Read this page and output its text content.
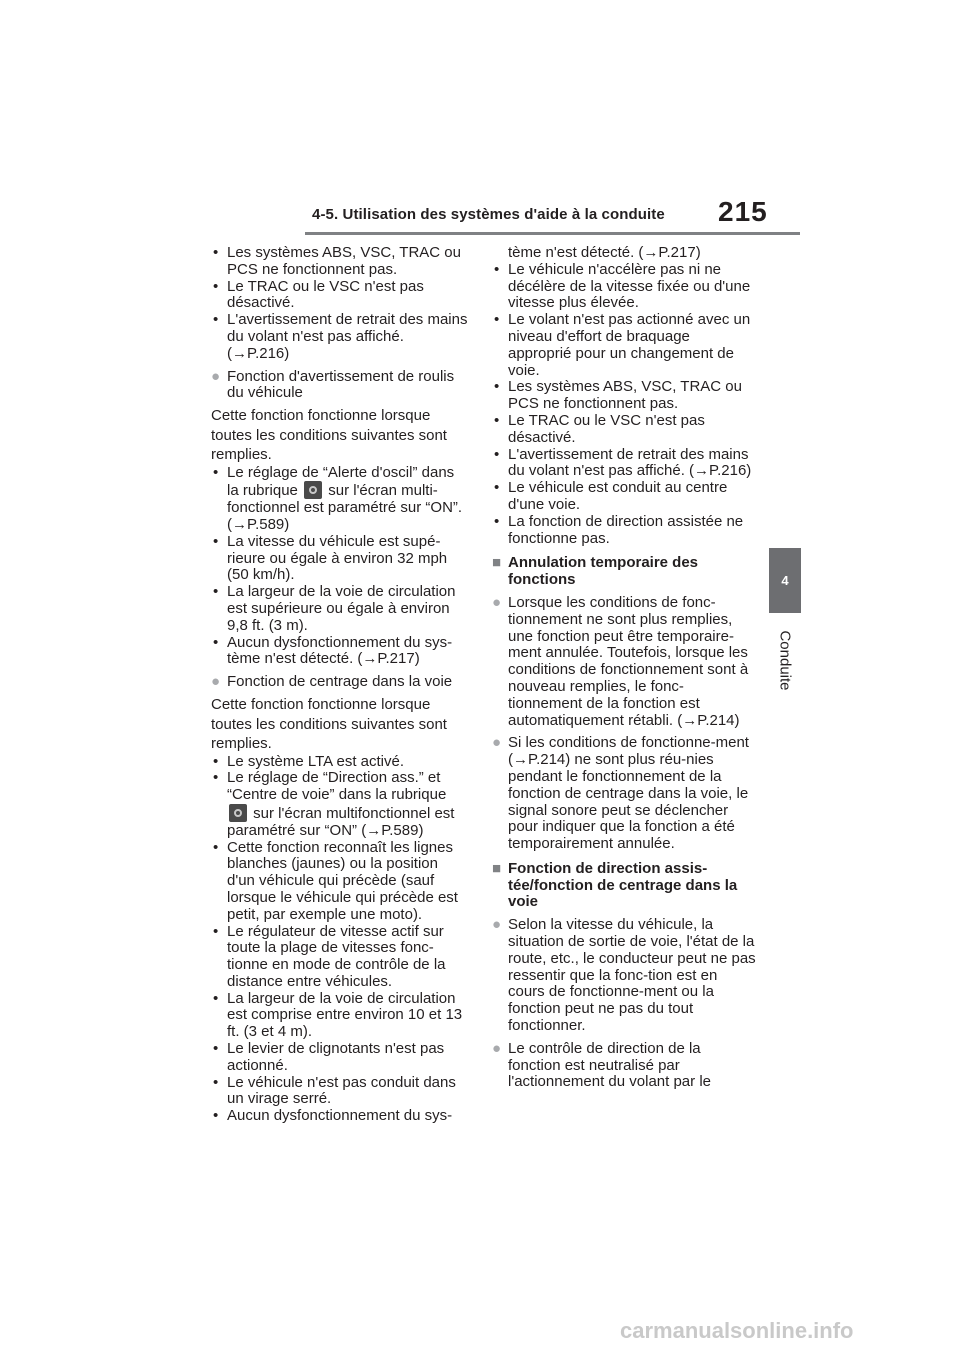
4-5. Utilisation des systèmes d'aide à la conduite 215
4
Conduite
• Les systèmes ABS, VSC, TRAC ou PCS ne fonctionnent pas.
• Le TRAC ou le VSC n'est pas désactivé.
• L'avertissement de retrait des mains du volant n'est pas affiché. (→P.216)
● Fonction d'avertissement de roulis du véhicule
Cette fonction fonctionne lorsque toutes les conditions suivantes sont remplies.
• Le réglage de “Alerte d'oscil” dans la rubrique sur l'écran multi-fonctionnel est paramétré sur “ON”. (→P.589)
• La vitesse du véhicule est supé-rieure ou égale à environ 32 mph (50 km/h).
• La largeur de la voie de circulation est supérieure ou égale à environ 9,8 ft. (3 m).
• Aucun dysfonctionnement du sys-tème n'est détecté. (→P.217)
● Fonction de centrage dans la voie
Cette fonction fonctionne lorsque toutes les conditions suivantes sont remplies.
• Le système LTA est activé.
• Le réglage de “Direction ass.” et “Centre de voie” dans la rubrique  sur l'écran multifonctionnel est paramétré sur “ON” (→P.589)
• Cette fonction reconnaît les lignes blanches (jaunes) ou la position d'un véhicule qui précède (sauf lorsque le véhicule qui précède est petit, par exemple une moto).
• Le régulateur de vitesse actif sur toute la plage de vitesses fonc-tionne en mode de contrôle de la distance entre véhicules.
• La largeur de la voie de circulation est comprise entre environ 10 et 13 ft. (3 et 4 m).
• Le levier de clignotants n'est pas actionné.
• Le véhicule n'est pas conduit dans un virage serré.
• Aucun dysfonctionnement du sys-
tème n'est détecté. (→P.217)
• Le véhicule n'accélère pas ni ne décélère de la vitesse fixée ou d'une vitesse plus élevée.
• Le volant n'est pas actionné avec un niveau d'effort de braquage approprié pour un changement de voie.
• Les systèmes ABS, VSC, TRAC ou PCS ne fonctionnent pas.
• Le TRAC ou le VSC n'est pas désactivé.
• L'avertissement de retrait des mains du volant n'est pas affiché. (→P.216)
• Le véhicule est conduit au centre d'une voie.
• La fonction de direction assistée ne fonctionne pas.
■ Annulation temporaire des fonctions
● Lorsque les conditions de fonc-tionnement ne sont plus remplies, une fonction peut être temporaire-ment annulée. Toutefois, lorsque les conditions de fonctionnement sont à nouveau remplies, le fonc-tionnement de la fonction est automatiquement rétabli. (→P.214)
● Si les conditions de fonctionne-ment (→P.214) ne sont plus réu-nies pendant le fonctionnement de la fonction de centrage dans la voie, le signal sonore peut se déclencher pour indiquer que la fonction a été temporairement annulée.
■ Fonction de direction assis-tée/fonction de centrage dans la voie
● Selon la vitesse du véhicule, la situation de sortie de voie, l'état de la route, etc., le conducteur peut ne pas ressentir que la fonc-tion est en cours de fonctionne-ment ou la fonction peut ne pas du tout fonctionner.
● Le contrôle de direction de la fonction est neutralisé par l'actionnement du volant par le
carmanualsonline.info
